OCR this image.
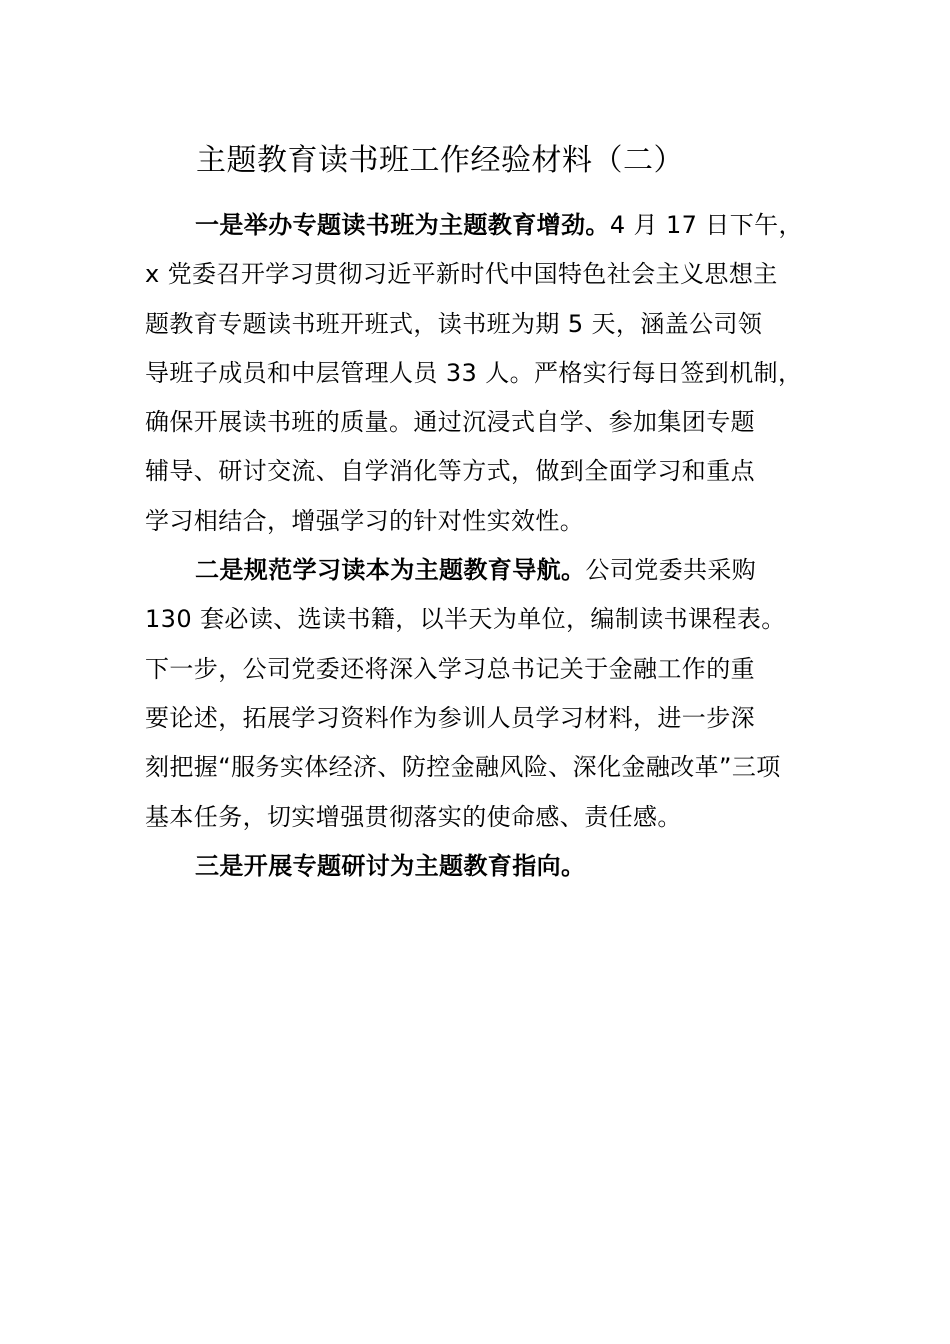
主题教育读书班工作经验材料（二）

一是举办专题读书班为主题教育增劲。4 月 17 日下午，
x 党委召开学习贯彻习近平新时代中国特色社会主义思想主
题教育专题读书班开班式，读书班为期 5 天，涵盖公司领
导班子成员和中层管理人员 33 人。严格实行每日签到机制，
确保开展读书班的质量。通过沉浸式自学、参加集团专题
辅导、研讨交流、自学消化等方式，做到全面学习和重点
学习相结合，增强学习的针对性实效性。

二是规范学习读本为主题教育导航。公司党委共采购
130 套必读、选读书籍，以半天为单位，编制读书课程表。
下一步，公司党委还将深入学习总书记关于金融工作的重
要论述，拓展学习资料作为参训人员学习材料，进一步深
刻把握“服务实体经济、防控金融风险、深化金融改革”三项
基本任务，切实增强贯彻落实的使命感、责任感。

三是开展专题研讨为主题教育指向。
